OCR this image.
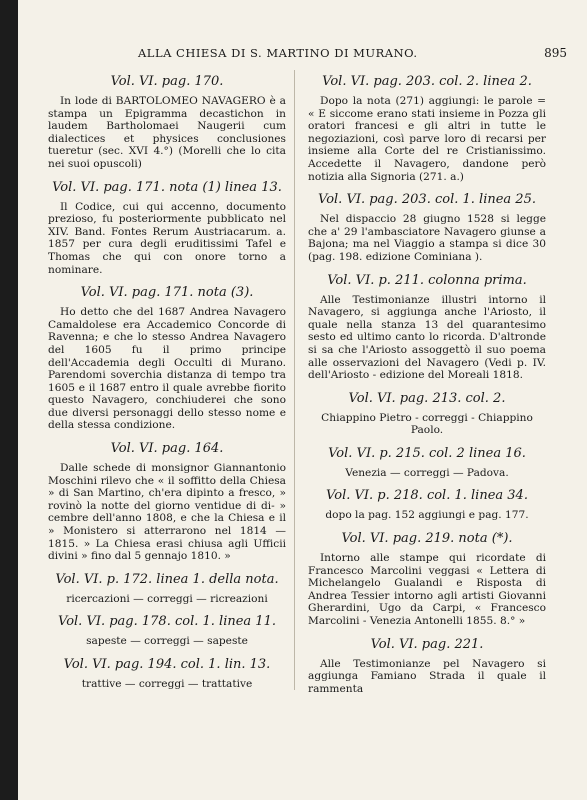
ALLA CHIESA DI S. MARTINO DI MURANO.	895
Vol. VI. pag. 170.

In lode di BARTOLOMEO NAVAGERO è a stampa un Epigramma decastichon in laudem Bartholomaei Naugerii cum dialectices et physices conclusiones tueretur (sec. XVI 4.°) (Morelli che lo cita nei suoi opuscoli)

Vol. VI. pag. 171. nota (1) linea 13.

Il Codice, cui qui accenno, documento prezioso, fu posteriormente pubblicato nel XIV. Band. Fontes Rerum Austriacarum. a. 1857 per cura degli eruditissimi Tafel e Thomas che qui con onore torno a nominare.

Vol. VI. pag. 171. nota (3).

Ho detto che del 1687 Andrea Navagero Camaldolese era Accademico Concorde di Ravenna; e che lo stesso Andrea Navagero del 1605 fu il primo principe dell'Accademia degli Occulti di Murano. Parendomi soverchia distanza di tempo tra 1605 e il 1687 entro il quale avrebbe fiorito questo Navagero, conchiuderei che sono due diversi personaggi dello stesso nome e della stessa condizione.

Vol. VI. pag. 164.

Dalle schede di monsignor Giannantonio Moschini rilevo che « il soffitto della Chiesa » di San Martino, ch'era dipinto a fresco, » rovinò la notte del giorno ventidue di di- » cembre dell'anno 1808, e che la Chiesa e il » Monistero si atterrarono nel 1814 — 1815. » La Chiesa erasi chiusa agli Ufficii divini » fino dal 5 gennajo 1810. »

Vol. VI. p. 172. linea 1. della nota.

ricercazioni — correggi — ricreazioni

Vol. VI. pag. 178. col. 1. linea 11.

sapeste — correggi — sapeste

Vol. VI. pag. 194. col. 1. lin. 13.

trattive — correggi — trattative

Vol. VI. pag. 203. col. 2. linea 2.

Dopo la nota (271) aggiungi: le parole = « E siccome erano stati insieme in Pozza gli oratori francesi e gli altri in tutte le negoziazioni, così parve loro di recarsi per insieme alla Corte del re Cristianissimo. Accedette il Navagero, dandone però notizia alla Signoria (271. a.)

Vol. VI. pag. 203. col. 1. linea 25.

Nel dispaccio 28 giugno 1528 si legge che a' 29 l'ambasciatore Navagero giunse a Bajona; ma nel Viaggio a stampa si dice 30 (pag. 198. edizione Cominiana ).

Vol. VI. p. 211. colonna prima.

Alle Testimonianze illustri intorno il Navagero, si aggiunga anche l'Ariosto, il quale nella stanza 13 del quarantesimo sesto ed ultimo canto lo ricorda. D'altronde si sa che l'Ariosto assoggettò il suo poema alle osservazioni del Navagero (Vedi p. IV. dell'Ariosto - edizione del Moreali 1818.

Vol. VI. pag. 213. col. 2.

Chiappino Pietro - correggi - Chiappino Paolo.

Vol. VI. p. 215. col. 2 linea 16.

Venezia — correggi — Padova.

Vol. VI. p. 218. col. 1. linea 34.

dopo la pag. 152 aggiungi e pag. 177.

Vol. VI. pag. 219. nota (*).

Intorno alle stampe qui ricordate di Francesco Marcolini veggasi « Lettera di Michelangelo Gualandi e Risposta di Andrea Tessier intorno agli artisti Giovanni Gherardini, Ugo da Carpi, « Francesco Marcolini - Venezia Antonelli 1855. 8.° »

Vol. VI. pag. 221.

Alle Testimonianze pel Navagero si aggiunga Famiano Strada il quale il rammenta
